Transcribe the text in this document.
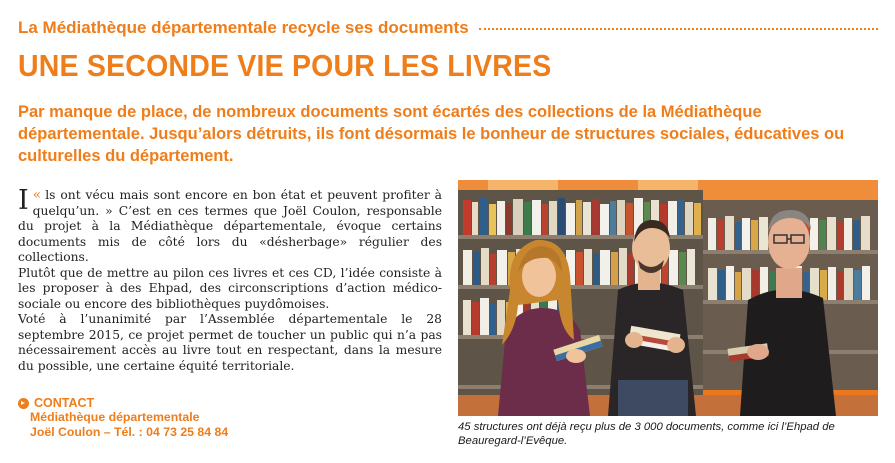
La Médiathèque départementale recycle ses documents
UNE SECONDE VIE POUR LES LIVRES
Par manque de place, de nombreux documents sont écartés des collections de la Médiathèque départementale. Jusqu’alors détruits, ils font désormais le bonheur de structures sociales, éducatives ou culturelles du département.

«
I ls ont vécu mais sont encore en bon état et peuvent profiter à quelqu’un. » C’est en ces termes que Joël Coulon, responsable du projet à la Médiathèque départementale, évoque certains documents mis de côté lors du «désherbage» régulier des collections.

Plutôt que de mettre au pilon ces livres et ces CD, l’idée consiste à les proposer à des Ehpad, des circonscriptions d’action médico-sociale ou encore des bibliothèques puydômoises.

Voté à l’unanimité par l’Assemblée départementale le 28 septembre 2015, ce projet permet de toucher un public qui n’a pas nécessairement accès au livre tout en respectant, dans la mesure du possible, une certaine équité territoriale.

CONTACT
Médiathèque départementale
Joël Coulon – Tél. : 04 73 25 84 84	45 structures ont déjà reçu plus de 3 000 documents, comme ici l’Ehpad de Beauregard-l’Evêque.
